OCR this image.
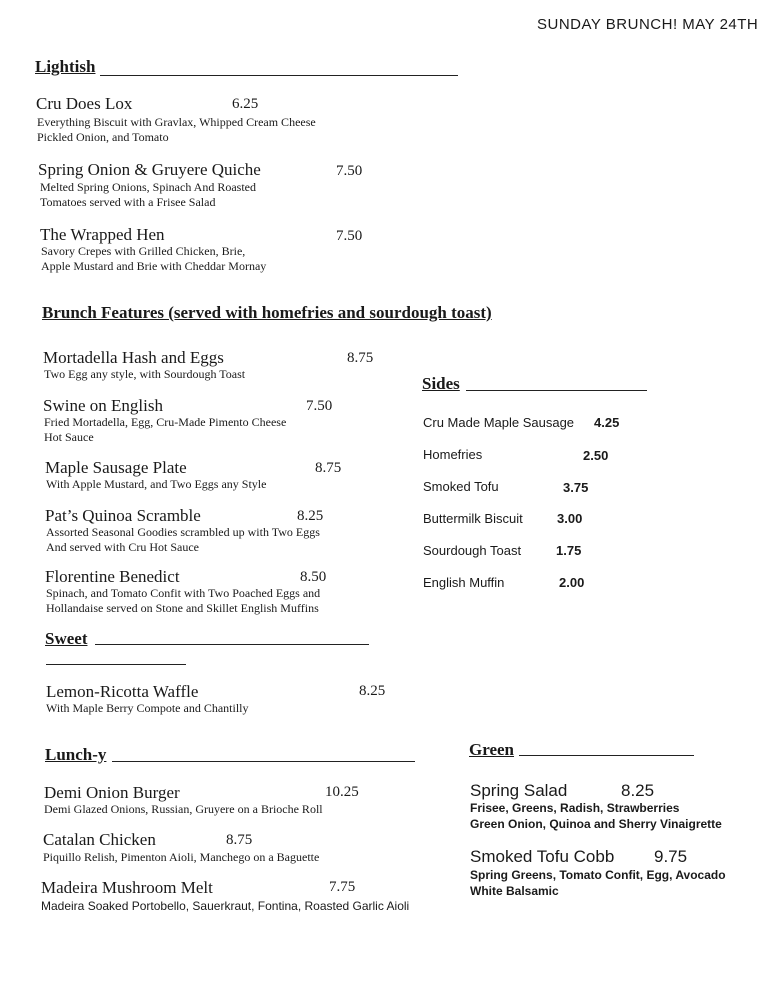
SUNDAY BRUNCH! MAY 24TH
Lightish
Cru Does Lox	6.25
Everything Biscuit with Gravlax, Whipped Cream Cheese
Pickled Onion, and Tomato
Spring Onion & Gruyere Quiche	7.50
Melted Spring Onions, Spinach And Roasted
Tomatoes served with a Frisee Salad
The Wrapped Hen	7.50
Savory Crepes with Grilled Chicken, Brie,
Apple Mustard and Brie with Cheddar Mornay
Brunch Features (served with homefries and sourdough toast)
Mortadella Hash and Eggs	8.75
Two Egg any style, with Sourdough Toast
Swine on English	7.50
Fried Mortadella, Egg, Cru-Made Pimento Cheese
Hot Sauce
Maple Sausage Plate	8.75
With Apple Mustard, and Two Eggs any Style
Pat’s Quinoa Scramble	8.25
Assorted Seasonal Goodies scrambled up with Two Eggs
And served with Cru Hot Sauce
Florentine Benedict	8.50
Spinach, and Tomato Confit with Two Poached Eggs and
Hollandaise served on Stone and Skillet English Muffins
Sides
Cru Made Maple Sausage 4.25
Homefries	2.50
Smoked Tofu	3.75
Buttermilk Biscuit	3.00
Sourdough Toast	1.75
English Muffin	2.00
Sweet
Lemon-Ricotta Waffle	8.25
With Maple Berry Compote and Chantilly
Lunch-y
Demi Onion Burger	10.25
Demi Glazed Onions, Russian, Gruyere on a Brioche Roll
Catalan Chicken	8.75
Piquillo Relish, Pimenton Aioli, Manchego on a Baguette
Madeira Mushroom Melt	7.75
Madeira Soaked Portobello, Sauerkraut, Fontina, Roasted Garlic Aioli
Green
Spring Salad	8.25
Frisee, Greens, Radish, Strawberries
Green Onion, Quinoa and Sherry Vinaigrette
Smoked Tofu Cobb 9.75
Spring Greens, Tomato Confit, Egg, Avocado
White Balsamic
